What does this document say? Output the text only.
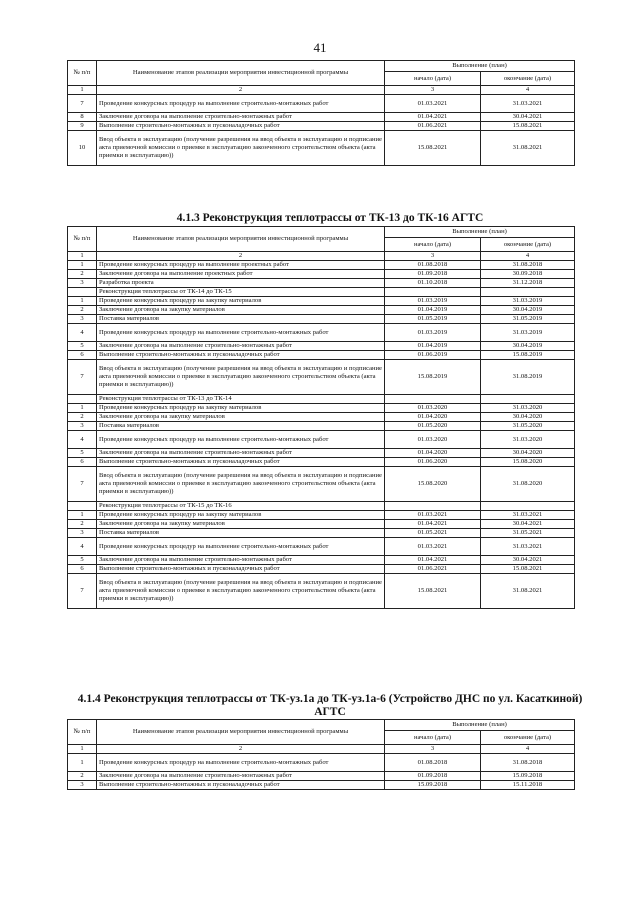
41
№ п/п	Наименование этапов реализации мероприятия инвестиционной программы	Выполнение (план)	
		начало (дата)	окончание (дата)
1	2	3	4
7	Проведение конкурсных процедур на выполнение строительно-монтажных работ	01.03.2021	31.03.2021
8	Заключение договора на выполнение строительно-монтажных работ	01.04.2021	30.04.2021
9	Выполнение строительно-монтажных и пусконаладочных работ	01.06.2021	15.08.2021
10	Ввод объекта в эксплуатацию (получение разрешения на ввод объекта в эксплуатацию и подписание акта приемочной комиссии о приемке в эксплуатацию законченного строительством объекта (акта приемки в эксплуатацию))	15.08.2021	31.08.2021
4.1.3 Реконструкция теплотрассы от ТК-13 до ТК-16 АГТС
№ п/п	Наименование этапов реализации мероприятия инвестиционной программы	Выполнение (план)	
		начало (дата)	окончание (дата)
1	2	3	4
1	Проведение конкурсных процедур на выполнение проектных работ	01.08.2018	31.08.2018
2	Заключение договора на выполнение проектных работ	01.09.2018	30.09.2018
3	Разработка проекта	01.10.2018	31.12.2018
	Реконструкция теплотрассы от ТК-14 до ТК-15		
1	Проведение конкурсных процедур на закупку материалов	01.03.2019	31.03.2019
2	Заключение договора на закупку материалов	01.04.2019	30.04.2019
3	Поставка материалов	01.05.2019	31.05.2019
4	Проведение конкурсных процедур на выполнение строительно-монтажных работ	01.03.2019	31.03.2019
5	Заключение договора на выполнение строительно-монтажных работ	01.04.2019	30.04.2019
6	Выполнение строительно-монтажных и пусконаладочных работ	01.06.2019	15.08.2019
7	Ввод объекта в эксплуатацию (получение разрешения на ввод объекта в эксплуатацию и подписание акта приемочной комиссии о приемке в эксплуатацию законченного строительством объекта (акта приемки в эксплуатацию))	15.08.2019	31.08.2019
	Реконструкция теплотрассы от ТК-13 до ТК-14		
1	Проведение конкурсных процедур на закупку материалов	01.03.2020	31.03.2020
2	Заключение договора на закупку материалов	01.04.2020	30.04.2020
3	Поставка материалов	01.05.2020	31.05.2020
4	Проведение конкурсных процедур на выполнение строительно-монтажных работ	01.03.2020	31.03.2020
5	Заключение договора на выполнение строительно-монтажных работ	01.04.2020	30.04.2020
6	Выполнение строительно-монтажных и пусконаладочных работ	01.06.2020	15.08.2020
7	Ввод объекта в эксплуатацию (получение разрешения на ввод объекта в эксплуатацию и подписание акта приемочной комиссии о приемке в эксплуатацию законченного строительством объекта (акта приемки в эксплуатацию))	15.08.2020	31.08.2020
	Реконструкция теплотрассы от ТК-15 до ТК-16		
1	Проведение конкурсных процедур на закупку материалов	01.03.2021	31.03.2021
2	Заключение договора на закупку материалов	01.04.2021	30.04.2021
3	Поставка материалов	01.05.2021	31.05.2021
4	Проведение конкурсных процедур на выполнение строительно-монтажных работ	01.03.2021	31.03.2021
5	Заключение договора на выполнение строительно-монтажных работ	01.04.2021	30.04.2021
6	Выполнение строительно-монтажных и пусконаладочных работ	01.06.2021	15.08.2021
7	Ввод объекта в эксплуатацию (получение разрешения на ввод объекта в эксплуатацию и подписание акта приемочной комиссии о приемке в эксплуатацию законченного строительством объекта (акта приемки в эксплуатацию))	15.08.2021	31.08.2021
4.1.4 Реконструкция теплотрассы от ТК-уз.1а до ТК-уз.1а-6 (Устройство ДНС по ул. Касаткиной) АГТС
№ п/п	Наименование этапов реализации мероприятия инвестиционной программы	Выполнение (план)	
		начало (дата)	окончание (дата)
1	2	3	4
1	Проведение конкурсных процедур на выполнение строительно-монтажных работ	01.08.2018	31.08.2018
2	Заключение договора на выполнение строительно-монтажных работ	01.09.2018	15.09.2018
3	Выполнение строительно-монтажных и пусконаладочных работ	15.09.2018	15.11.2018
